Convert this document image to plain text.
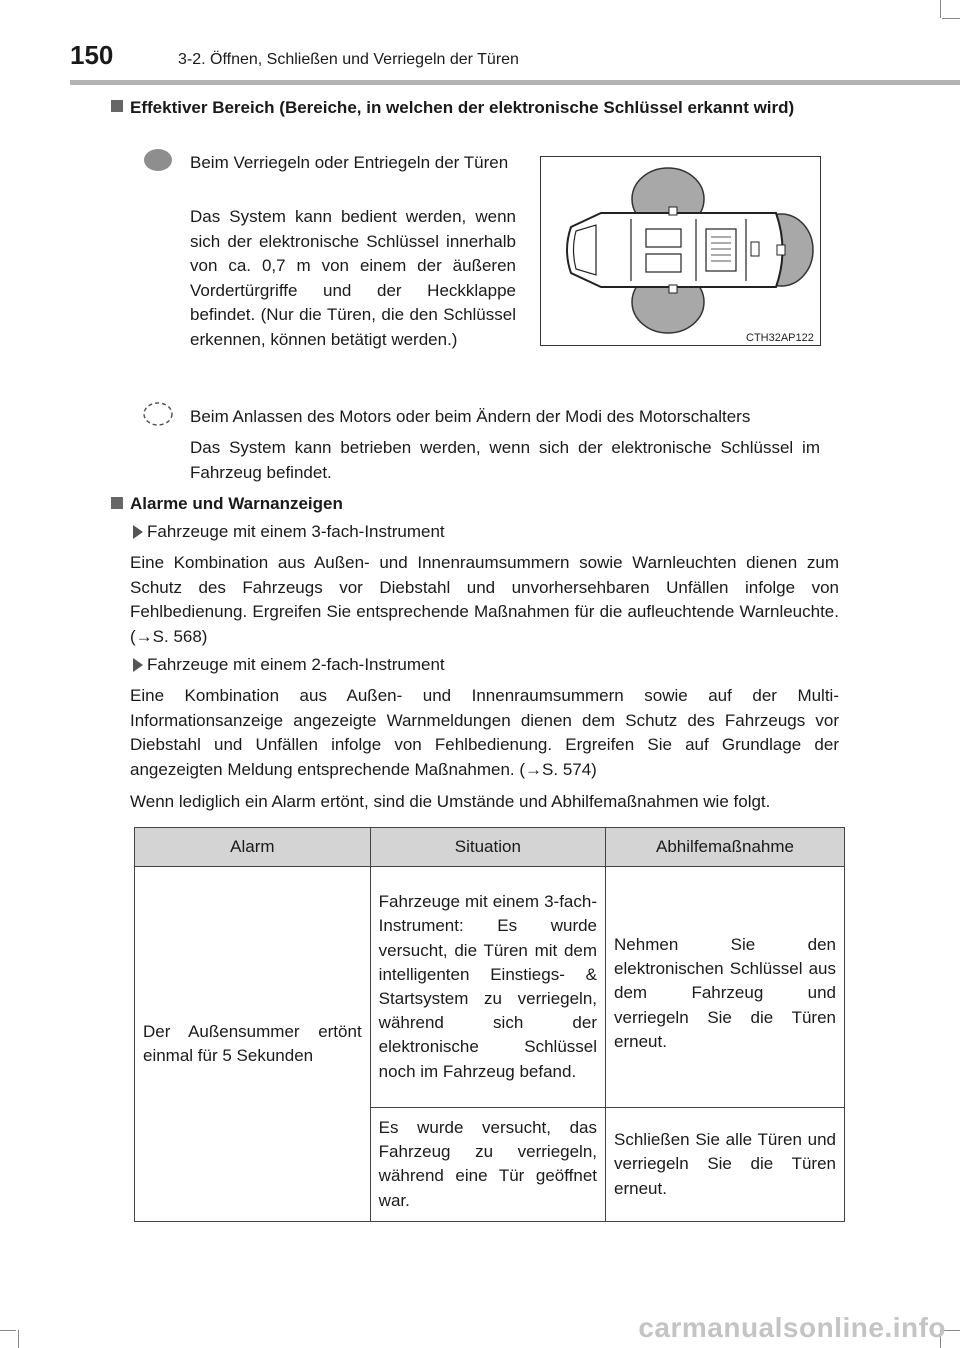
150	3-2. Öffnen, Schließen und Verriegeln der Türen
Effektiver Bereich (Bereiche, in welchen der elektronische Schlüssel erkannt wird)
Beim Verriegeln oder Entriegeln der Türen
Das System kann bedient werden, wenn sich der elektronische Schlüssel innerhalb von ca. 0,7 m von einem der äußeren Vordertürgriffe und der Heckklappe befindet. (Nur die Türen, die den Schlüssel erkennen, können betätigt werden.)	CTH32AP122
Beim Anlassen des Motors oder beim Ändern der Modi des Motorschalters
Das System kann betrieben werden, wenn sich der elektronische Schlüssel im Fahrzeug befindet.
Alarme und Warnanzeigen
Fahrzeuge mit einem 3-fach-Instrument
Eine Kombination aus Außen- und Innenraumsummern sowie Warnleuchten dienen zum Schutz des Fahrzeugs vor Diebstahl und unvorhersehbaren Unfällen infolge von Fehlbedienung. Ergreifen Sie entsprechende Maßnahmen für die aufleuchtende Warnleuchte. (→S. 568)
Fahrzeuge mit einem 2-fach-Instrument
Eine Kombination aus Außen- und Innenraumsummern sowie auf der Multi-Informationsanzeige angezeigte Warnmeldungen dienen dem Schutz des Fahrzeugs vor Diebstahl und Unfällen infolge von Fehlbedienung. Ergreifen Sie auf Grundlage der angezeigten Meldung entsprechende Maßnahmen. (→S. 574)
Wenn lediglich ein Alarm ertönt, sind die Umstände und Abhilfemaßnahmen wie folgt.
Alarm	Situation	Abhilfemaßnahme
Der Außensummer ertönt einmal für 5 Sekunden	Fahrzeuge mit einem 3-fach-Instrument: Es wurde versucht, die Türen mit dem intelligenten Einstiegs- & Startsystem zu verriegeln, während sich der elektronische Schlüssel noch im Fahrzeug befand.	Nehmen Sie den elektronischen Schlüssel aus dem Fahrzeug und verriegeln Sie die Türen erneut.
	Es wurde versucht, das Fahrzeug zu verriegeln, während eine Tür geöffnet war.	Schließen Sie alle Türen und verriegeln Sie die Türen erneut.
carmanualsonline.info
